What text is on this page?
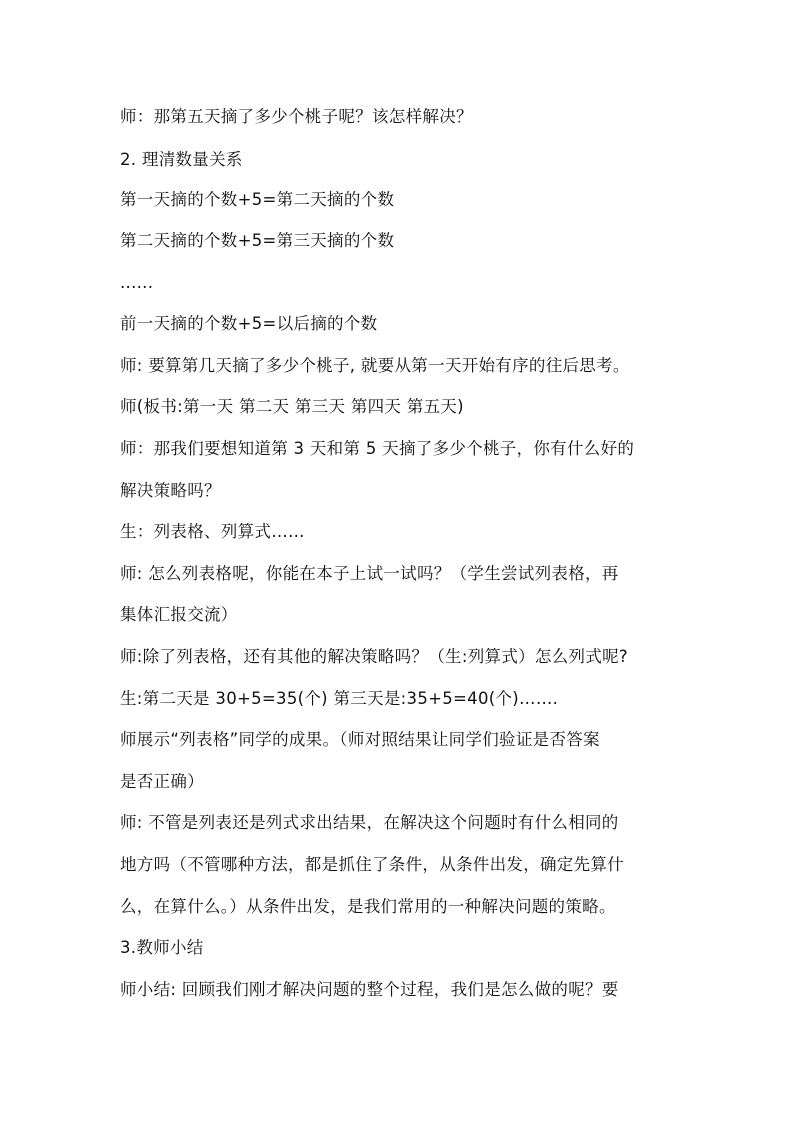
师：那第五天摘了多少个桃子呢？该怎样解决？
2. 理清数量关系
第一天摘的个数+5=第二天摘的个数
第二天摘的个数+5=第三天摘的个数
......
前一天摘的个数+5=以后摘的个数
师: 要算第几天摘了多少个桃子, 就要从第一天开始有序的往后思考。
师(板书:第一天 第二天 第三天 第四天 第五天)
师：那我们要想知道第 3 天和第 5 天摘了多少个桃子，你有什么好的
解决策略吗？
生：列表格、列算式……
师: 怎么列表格呢，你能在本子上试一试吗？（学生尝试列表格，再
集体汇报交流）
师:除了列表格，还有其他的解决策略吗？（生:列算式）怎么列式呢?
生:第二天是 30+5=35(个) 第三天是:35+5=40(个)…….
师展示“列表格”同学的成果。（师对照结果让同学们验证是否答案
是否正确）
师: 不管是列表还是列式求出结果，在解决这个问题时有什么相同的
地方吗（不管哪种方法，都是抓住了条件，从条件出发，确定先算什
么，在算什么。）从条件出发，是我们常用的一种解决问题的策略。
3.教师小结
师小结: 回顾我们刚才解决问题的整个过程，我们是怎么做的呢？要
